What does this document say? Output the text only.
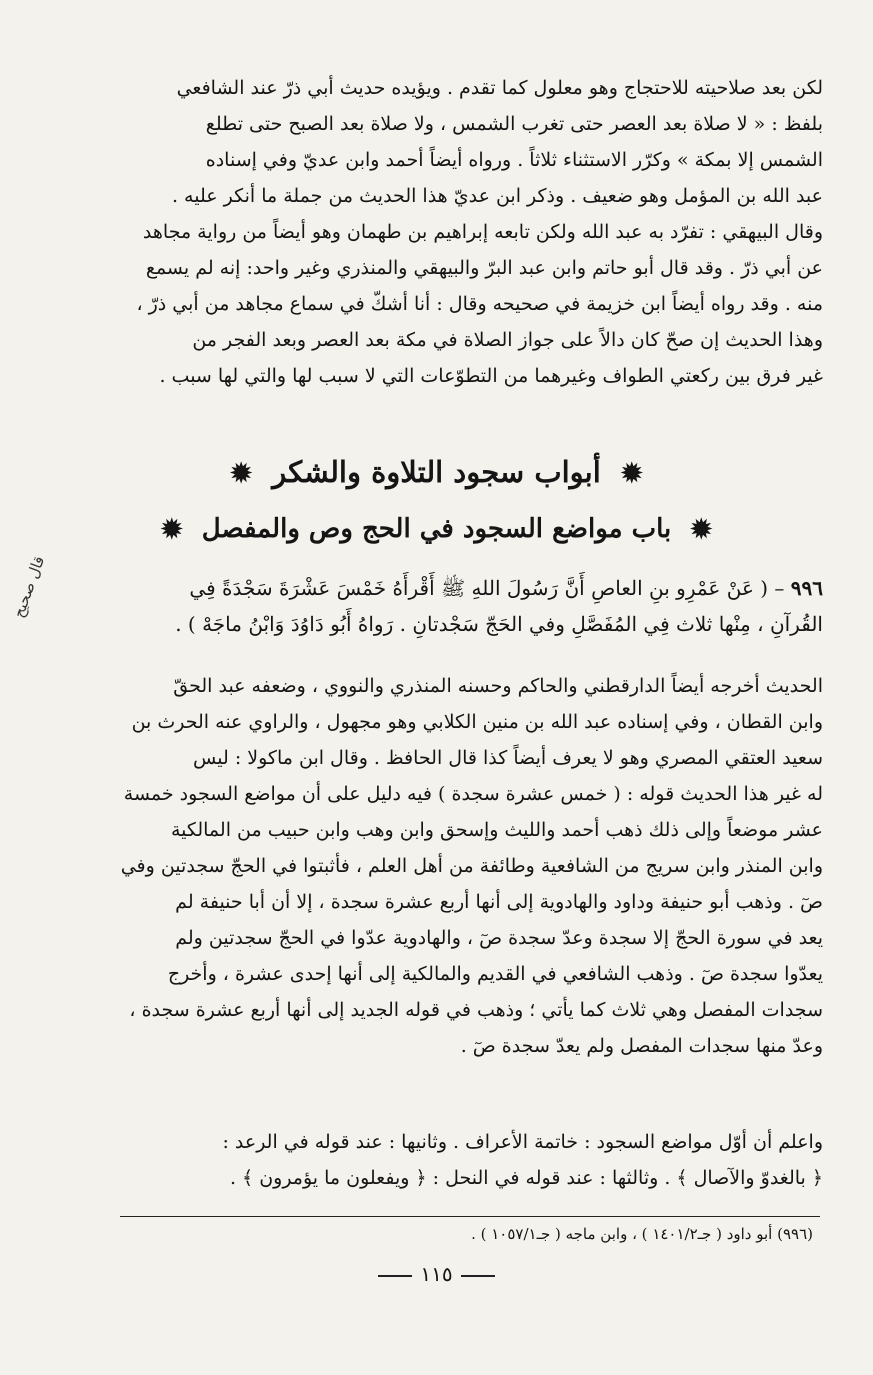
لكن بعد صلاحيته للاحتجاج وهو معلول كما تقدم . ويؤيده حديث أبي ذرّ عند الشافعي
بلفظ : « لا صلاة بعد العصر حتى تغرب الشمس ، ولا صلاة بعد الصبح حتى تطلع
الشمس إلا بمكة » وكرّر الاستثناء ثلاثاً . ورواه أيضاً أحمد وابن عديّ وفي إسناده
عبد الله بن المؤمل وهو ضعيف . وذكر ابن عديّ هذا الحديث من جملة ما أنكر عليه .
وقال البيهقي : تفرّد به عبد الله ولكن تابعه إبراهيم بن طهمان وهو أيضاً من رواية مجاهد
عن أبي ذرّ . وقد قال أبو حاتم وابن عبد البرّ والبيهقي والمنذري وغير واحد: إنه لم يسمع
منه . وقد رواه أيضاً ابن خزيمة في صحيحه وقال : أنا أشكّ في سماع مجاهد من أبي ذرّ ،
وهذا الحديث إن صحّ كان دالاً على جواز الصلاة في مكة بعد العصر وبعد الفجر من
غير فرق بين ركعتي الطواف وغيرهما من التطوّعات التي لا سبب لها والتي لها سبب .
✹ أبواب سجود التلاوة والشكر ✹
✹ باب مواضع السجود في الحج وص والمفصل ✹
٩٩٦ – ( عَنْ عَمْرِو بنِ العاصِ أَنَّ رَسُولَ اللهِ ﷺ أَقْرأَهُ خَمْسَ عَشْرَةَ سَجْدَةً فِي
القُرآنِ ، مِنْها ثلاث فِي المُفَصَّلِ وفي الحَجّ سَجْدتانِ . رَواهُ أَبُو دَاوُدَ وَابْنُ ماجَهْ ) .
قال صحيح
الحديث أخرجه أيضاً الدارقطني والحاكم وحسنه المنذري والنووي ، وضعفه عبد الحقّ
وابن القطان ، وفي إسناده عبد الله بن منين الكلابي وهو مجهول ، والراوي عنه الحرث بن
سعيد العتقي المصري وهو لا يعرف أيضاً كذا قال الحافظ . وقال ابن ماكولا : ليس
له غير هذا الحديث قوله : ( خمس عشرة سجدة ) فيه دليل على أن مواضع السجود خمسة
عشر موضعاً وإلى ذلك ذهب أحمد والليث وإسحق وابن وهب وابن حبيب من المالكية
وابن المنذر وابن سريج من الشافعية وطائفة من أهل العلم ، فأثبتوا في الحجّ سجدتين وفي
صٓ . وذهب أبو حنيفة وداود والهادوية إلى أنها أربع عشرة سجدة ، إلا أن أبا حنيفة لم
يعد في سورة الحجّ إلا سجدة وعدّ سجدة صٓ ، والهادوية عدّوا في الحجّ سجدتين ولم
يعدّوا سجدة صٓ . وذهب الشافعي في القديم والمالكية إلى أنها إحدى عشرة ، وأخرج
سجدات المفصل وهي ثلاث كما يأتي ؛ وذهب في قوله الجديد إلى أنها أربع عشرة سجدة ،
وعدّ منها سجدات المفصل ولم يعدّ سجدة صٓ .
واعلم أن أوّل مواضع السجود : خاتمة الأعراف . وثانيها : عند قوله في الرعد :
﴿ بالغدوّ والآصال ﴾ . وثالثها : عند قوله في النحل : ﴿ ويفعلون ما يؤمرون ﴾ .
(٩٩٦) أبو داود ( جـ١٤٠١/٢ ) ، وابن ماجه ( جـ١٠٥٧/١ ) .
١١٥
